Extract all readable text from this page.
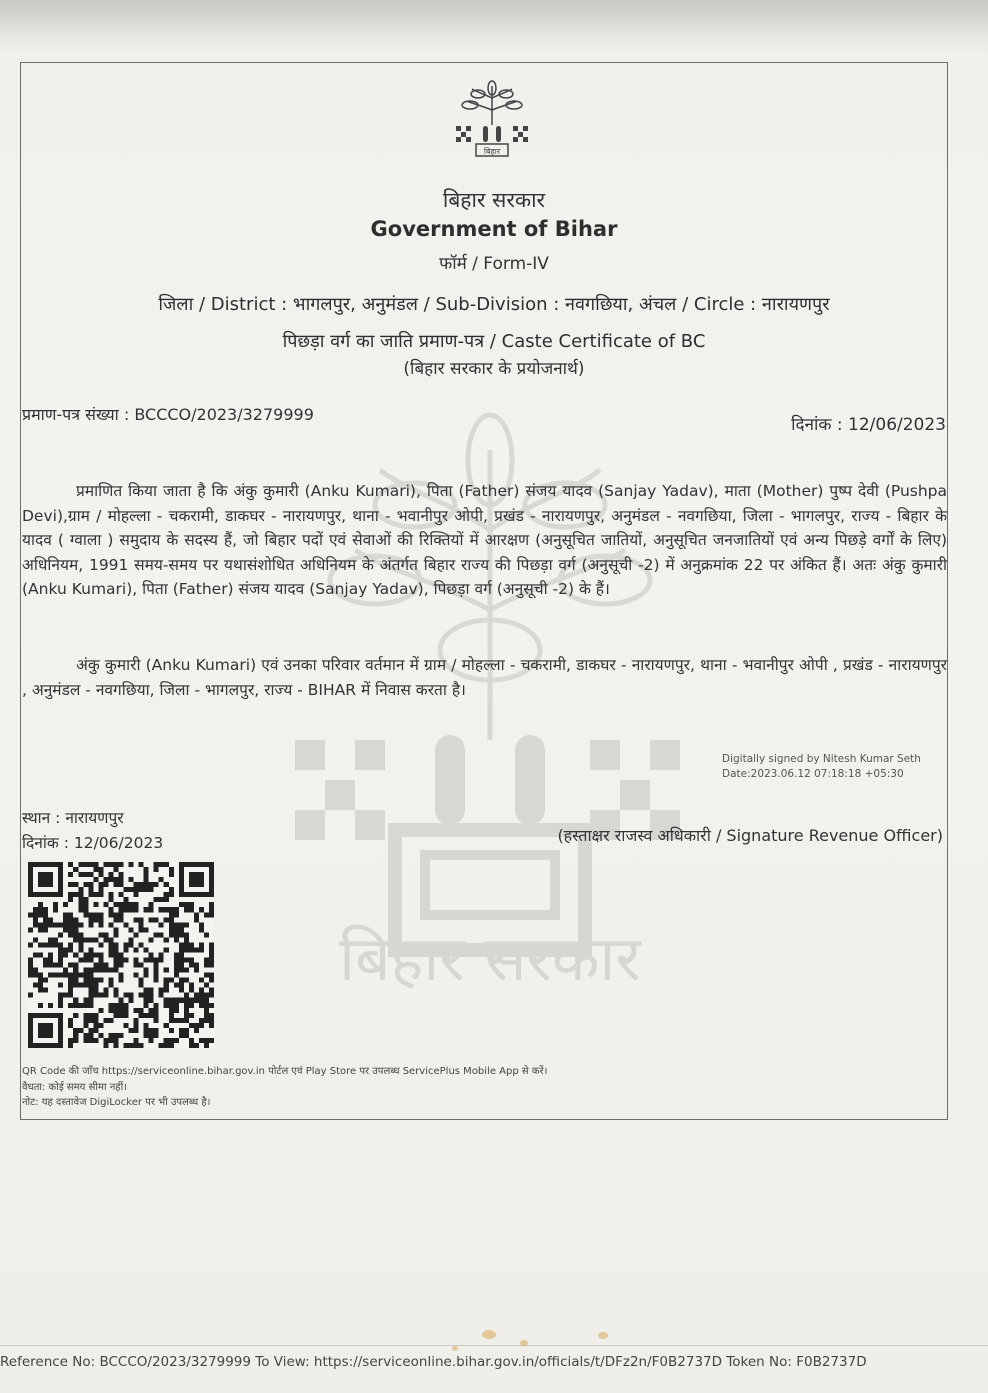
बिहार सरकार
बिहार
बिहार सरकार
Government of Bihar
फॉर्म / Form-IV
जिला / District : भागलपुर, अनुमंडल / Sub-Division : नवगछिया, अंचल / Circle : नारायणपुर
पिछड़ा वर्ग का जाति प्रमाण-पत्र / Caste Certificate of BC
(बिहार सरकार के प्रयोजनार्थ)
प्रमाण-पत्र संख्या : BCCCO/2023/3279999
दिनांक : 12/06/2023
प्रमाणित किया जाता है कि अंकु कुमारी (Anku Kumari), पिता (Father) संजय यादव (Sanjay Yadav), माता (Mother) पुष्प देवी (Pushpa Devi),ग्राम / मोहल्ला - चकरामी, डाकघर - नारायणपुर, थाना - भवानीपुर ओपी, प्रखंड - नारायणपुर, अनुमंडल - नवगछिया, जिला - भागलपुर, राज्य - बिहार के यादव ( ग्वाला ) समुदाय के सदस्य हैं, जो बिहार पदों एवं सेवाओं की रिक्तियों में आरक्षण (अनुसूचित जातियों, अनुसूचित जनजातियों एवं अन्य पिछड़े वर्गों के लिए) अधिनियम, 1991 समय-समय पर यथासंशोधित अधिनियम के अंतर्गत बिहार राज्य की पिछड़ा वर्ग (अनुसूची -2) में अनुक्रमांक 22 पर अंकित हैं। अतः अंकु कुमारी (Anku Kumari), पिता (Father) संजय यादव (Sanjay Yadav), पिछड़ा वर्ग (अनुसूची -2) के हैं।
अंकु कुमारी (Anku Kumari) एवं उनका परिवार वर्तमान में ग्राम / मोहल्ला - चकरामी, डाकघर - नारायणपुर, थाना - भवानीपुर ओपी , प्रखंड - नारायणपुर , अनुमंडल - नवगछिया, जिला - भागलपुर, राज्य - BIHAR में निवास करता है।
Digitally signed by Nitesh Kumar Seth
Date:2023.06.12 07:18:18 +05:30
स्थान : नारायणपुर
दिनांक : 12/06/2023	(हस्ताक्षर राजस्व अधिकारी / Signature Revenue Officer)
QR Code की जाँच https://serviceonline.bihar.gov.in पोर्टल एवं Play Store पर उपलब्ध ServicePlus Mobile App से करें।
वैधता: कोई समय सीमा नहीं।
नोट: यह दस्तावेज DigiLocker पर भी उपलब्ध है।
Reference No: BCCCO/2023/3279999 To View: https://serviceonline.bihar.gov.in/officials/t/DFz2n/F0B2737D Token No: F0B2737D
